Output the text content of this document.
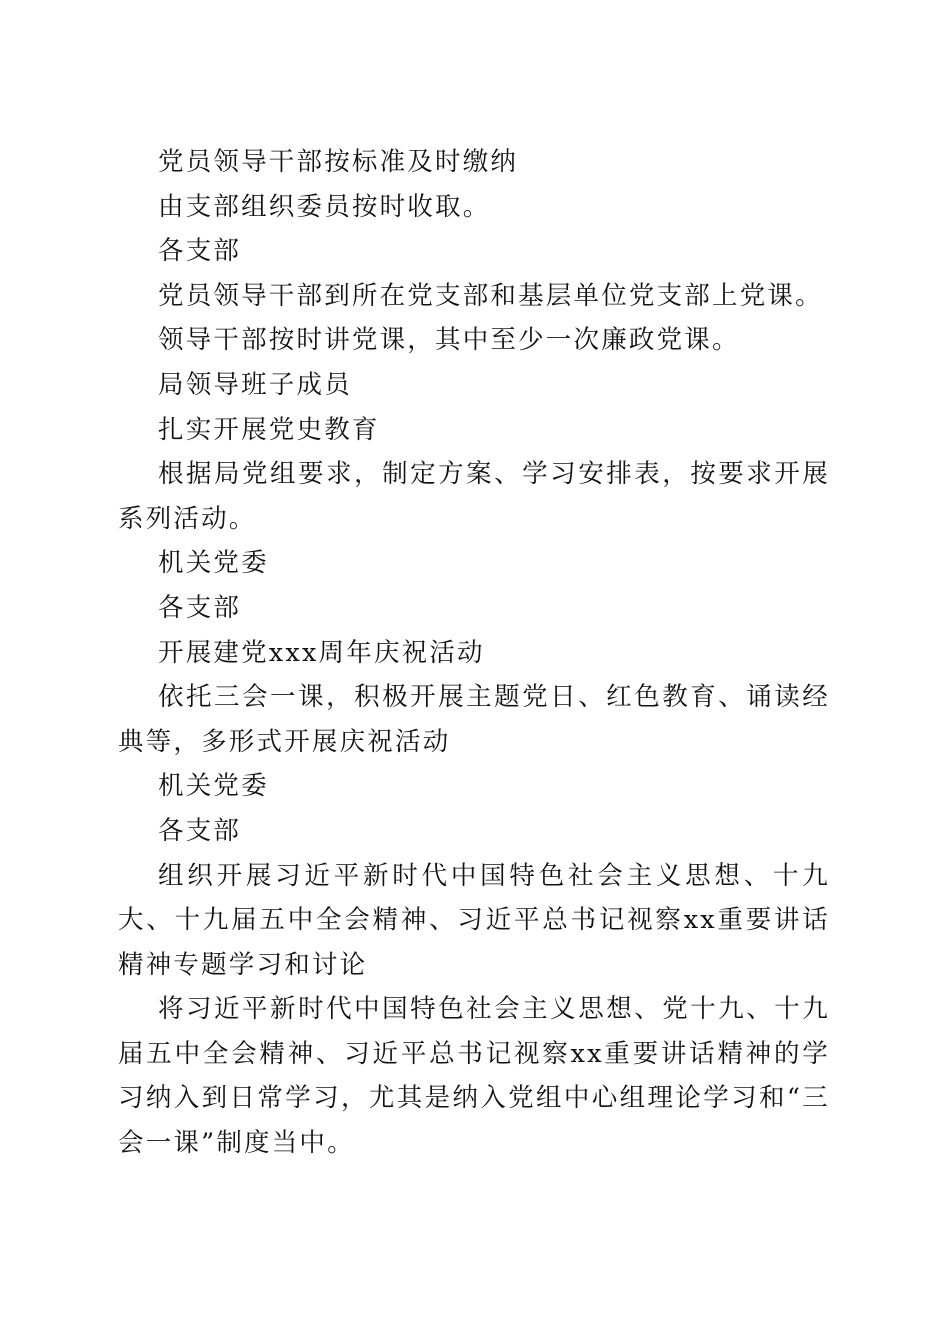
党员领导干部按标准及时缴纳

由支部组织委员按时收取。

各支部

党员领导干部到所在党支部和基层单位党支部上党课。

领导干部按时讲党课，其中至少一次廉政党课。

局领导班子成员

扎实开展党史教育

根据局党组要求，制定方案、学习安排表，按要求开展系列活动。

机关党委

各支部

开展建党xxx周年庆祝活动

依托三会一课，积极开展主题党日、红色教育、诵读经典等，多形式开展庆祝活动

机关党委

各支部

组织开展习近平新时代中国特色社会主义思想、十九大、十九届五中全会精神、习近平总书记视察xx重要讲话精神专题学习和讨论

将习近平新时代中国特色社会主义思想、党十九、十九届五中全会精神、习近平总书记视察xx重要讲话精神的学习纳入到日常学习，尤其是纳入党组中心组理论学习和“三会一课”制度当中。
